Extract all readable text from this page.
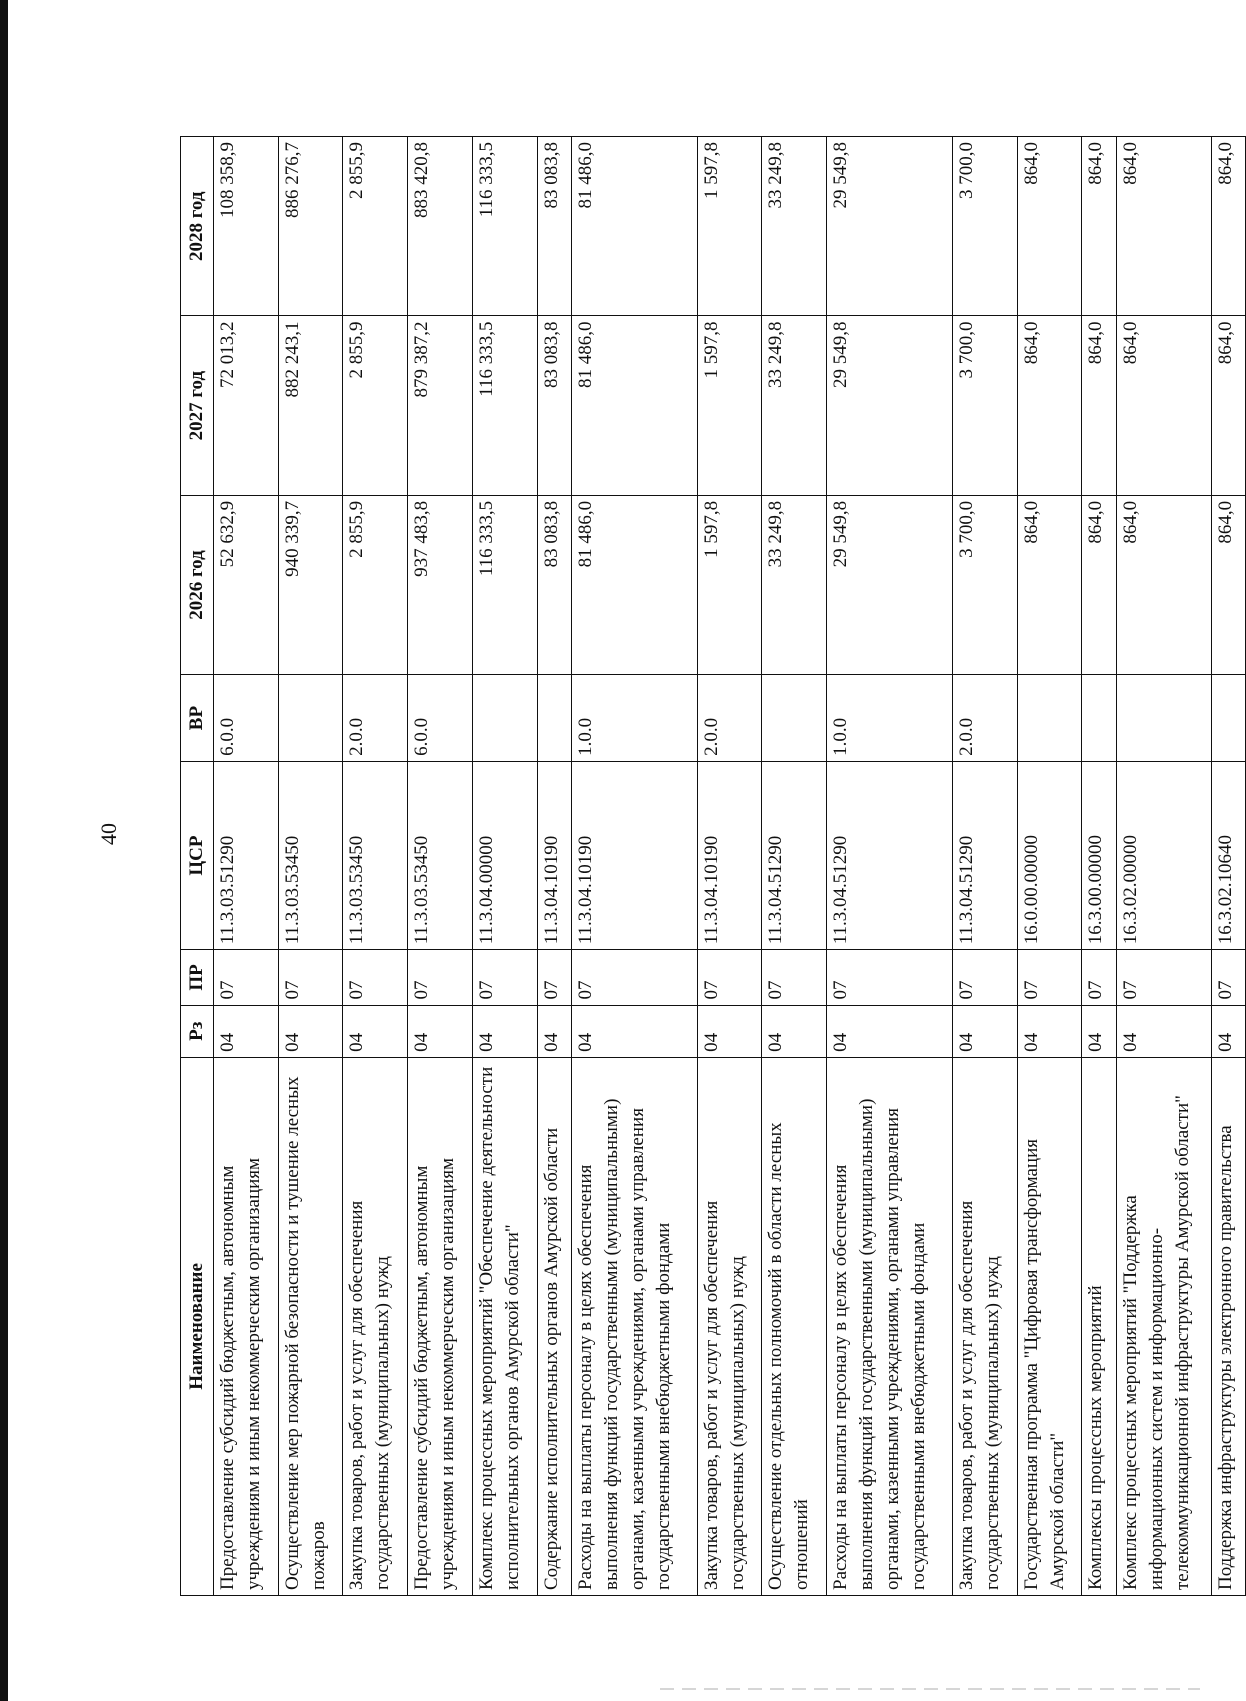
40
Наименование	Рз	ПР	ЦСР	ВР	2026 год	2027 год	2028 год
Предоставление субсидий бюджетным, автономным учреждениям и иным некоммерческим организациям	04	07	11.3.03.51290	6.0.0	52 632,9	72 013,2	108 358,9
Осуществление мер пожарной безопасности и тушение лесных пожаров	04	07	11.3.03.53450		940 339,7	882 243,1	886 276,7
Закупка товаров, работ и услуг для обеспечения государственных (муниципальных) нужд	04	07	11.3.03.53450	2.0.0	2 855,9	2 855,9	2 855,9
Предоставление субсидий бюджетным, автономным учреждениям и иным некоммерческим организациям	04	07	11.3.03.53450	6.0.0	937 483,8	879 387,2	883 420,8
Комплекс процессных мероприятий "Обеспечение деятельности исполнительных органов Амурской области"	04	07	11.3.04.00000		116 333,5	116 333,5	116 333,5
Содержание исполнительных органов Амурской области	04	07	11.3.04.10190		83 083,8	83 083,8	83 083,8
Расходы на выплаты персоналу в целях обеспечения выполнения функций государственными (муниципальными) органами, казенными учреждениями, органами управления государственными внебюджетными фондами	04	07	11.3.04.10190	1.0.0	81 486,0	81 486,0	81 486,0
Закупка товаров, работ и услуг для обеспечения государственных (муниципальных) нужд	04	07	11.3.04.10190	2.0.0	1 597,8	1 597,8	1 597,8
Осуществление отдельных полномочий в области лесных отношений	04	07	11.3.04.51290		33 249,8	33 249,8	33 249,8
Расходы на выплаты персоналу в целях обеспечения выполнения функций государственными (муниципальными) органами, казенными учреждениями, органами управления государственными внебюджетными фондами	04	07	11.3.04.51290	1.0.0	29 549,8	29 549,8	29 549,8
Закупка товаров, работ и услуг для обеспечения государственных (муниципальных) нужд	04	07	11.3.04.51290	2.0.0	3 700,0	3 700,0	3 700,0
Государственная программа "Цифровая трансформация Амурской области"	04	07	16.0.00.00000		864,0	864,0	864,0
Комплексы процессных мероприятий	04	07	16.3.00.00000		864,0	864,0	864,0
Комплекс процессных мероприятий "Поддержка информационных систем и информационно-телекоммуникационной инфраструктуры Амурской области"	04	07	16.3.02.00000		864,0	864,0	864,0
Поддержка инфраструктуры электронного правительства	04	07	16.3.02.10640		864,0	864,0	864,0
